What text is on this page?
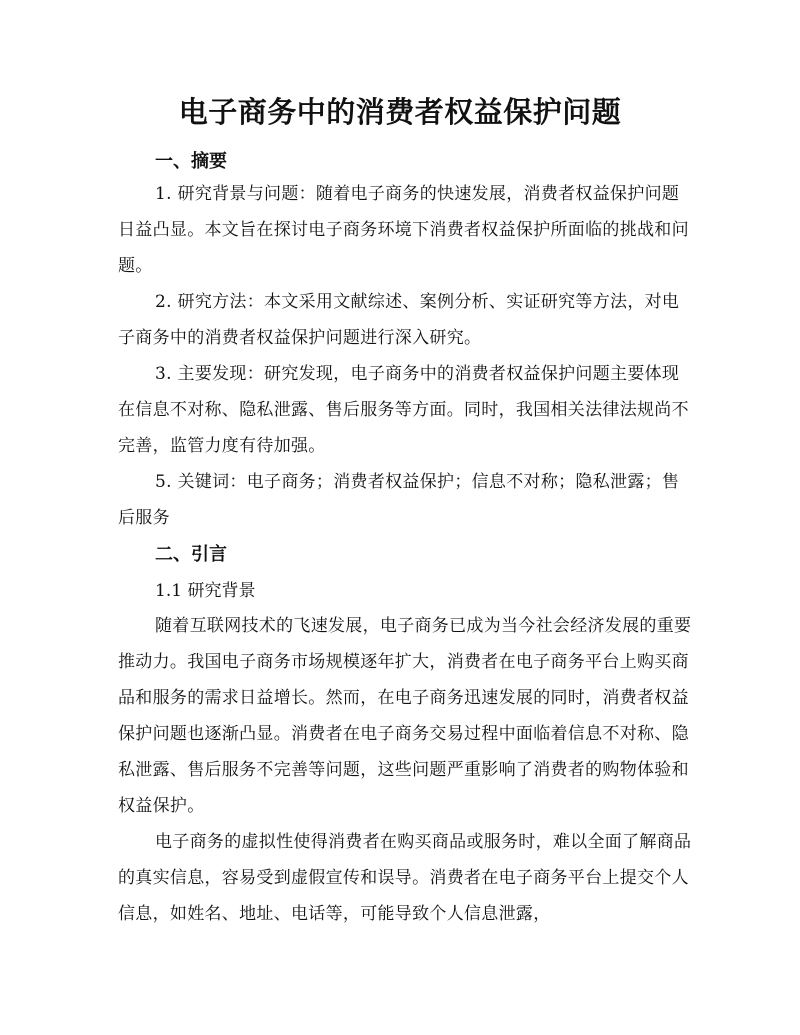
电子商务中的消费者权益保护问题
一、摘要

1. 研究背景与问题：随着电子商务的快速发展，消费者权益保护问题日益凸显。本文旨在探讨电子商务环境下消费者权益保护所面临的挑战和问题。

2. 研究方法：本文采用文献综述、案例分析、实证研究等方法，对电子商务中的消费者权益保护问题进行深入研究。

3. 主要发现：研究发现，电子商务中的消费者权益保护问题主要体现在信息不对称、隐私泄露、售后服务等方面。同时，我国相关法律法规尚不完善，监管力度有待加强。

5. 关键词：电子商务；消费者权益保护；信息不对称；隐私泄露；售后服务

二、引言
1.1 研究背景

随着互联网技术的飞速发展，电子商务已成为当今社会经济发展的重要推动力。我国电子商务市场规模逐年扩大，消费者在电子商务平台上购买商品和服务的需求日益增长。然而，在电子商务迅速发展的同时，消费者权益保护问题也逐渐凸显。消费者在电子商务交易过程中面临着信息不对称、隐私泄露、售后服务不完善等问题，这些问题严重影响了消费者的购物体验和权益保护。

电子商务的虚拟性使得消费者在购买商品或服务时，难以全面了解商品的真实信息，容易受到虚假宣传和误导。消费者在电子商务平台上提交个人信息，如姓名、地址、电话等，可能导致个人信息泄露，
